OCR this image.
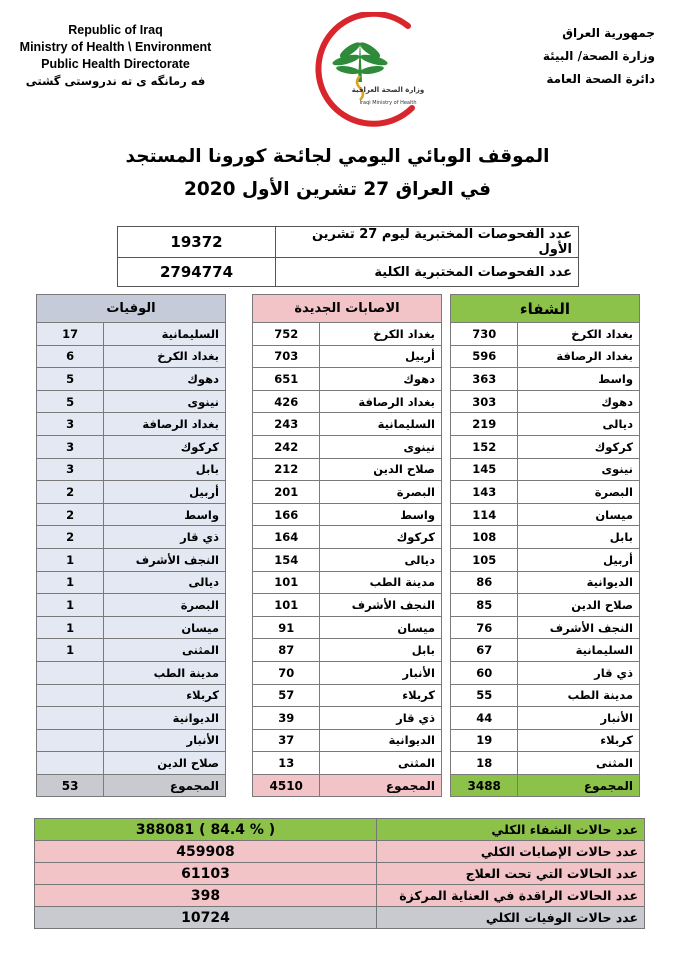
Republic of Iraq
Ministry of Health \ Environment
Public Health Directorate
فه رمانگه ی ته ندروستی گشتی
وزارة الصحة العراقية
Iraqi Ministry of Health
جمهورية العراق
وزارة الصحة/ البيئة
دائرة الصحة العامة
الموقف الوبائي اليومي لجائحة كورونا المستجد
في العراق 27 تشرين الأول 2020
19372	عدد الفحوصات المختبرية ليوم 27 تشرين الأول
2794774	عدد الفحوصات المختبرية الكلية
الوفيات	
17	السليمانية
6	بغداد الكرخ
5	دهوك
5	نينوى
3	بغداد الرصافة
3	كركوك
3	بابل
2	أربيل
2	واسط
2	ذي قار
1	النجف الأشرف
1	ديالى
1	البصرة
1	ميسان
1	المثنى
	مدينة الطب
	كربلاء
	الديوانية
	الأنبار
	صلاح الدين
53	المجموع
الاصابات الجديدة	
752	بغداد الكرخ
703	أربيل
651	دهوك
426	بغداد الرصافة
243	السليمانية
242	نينوى
212	صلاح الدين
201	البصرة
166	واسط
164	كركوك
154	ديالى
101	مدينة الطب
101	النجف الأشرف
91	ميسان
87	بابل
70	الأنبار
57	كربلاء
39	ذي قار
37	الديوانية
13	المثنى
4510	المجموع
الشفاء	
730	بغداد الكرخ
596	بغداد الرصافة
363	واسط
303	دهوك
219	ديالى
152	كركوك
145	نينوى
143	البصرة
114	ميسان
108	بابل
105	أربيل
86	الديوانية
85	صلاح الدين
76	النجف الأشرف
67	السليمانية
60	ذي قار
55	مدينة الطب
44	الأنبار
19	كربلاء
18	المثنى
3488	المجموع
388081 ( 84.4 % )	عدد حالات الشفاء الكلي
459908	عدد حالات الإصابات الكلي
61103	عدد الحالات التي تحت العلاج
398	عدد الحالات الراقدة في العناية المركزة
10724	عدد حالات الوفيات الكلي
